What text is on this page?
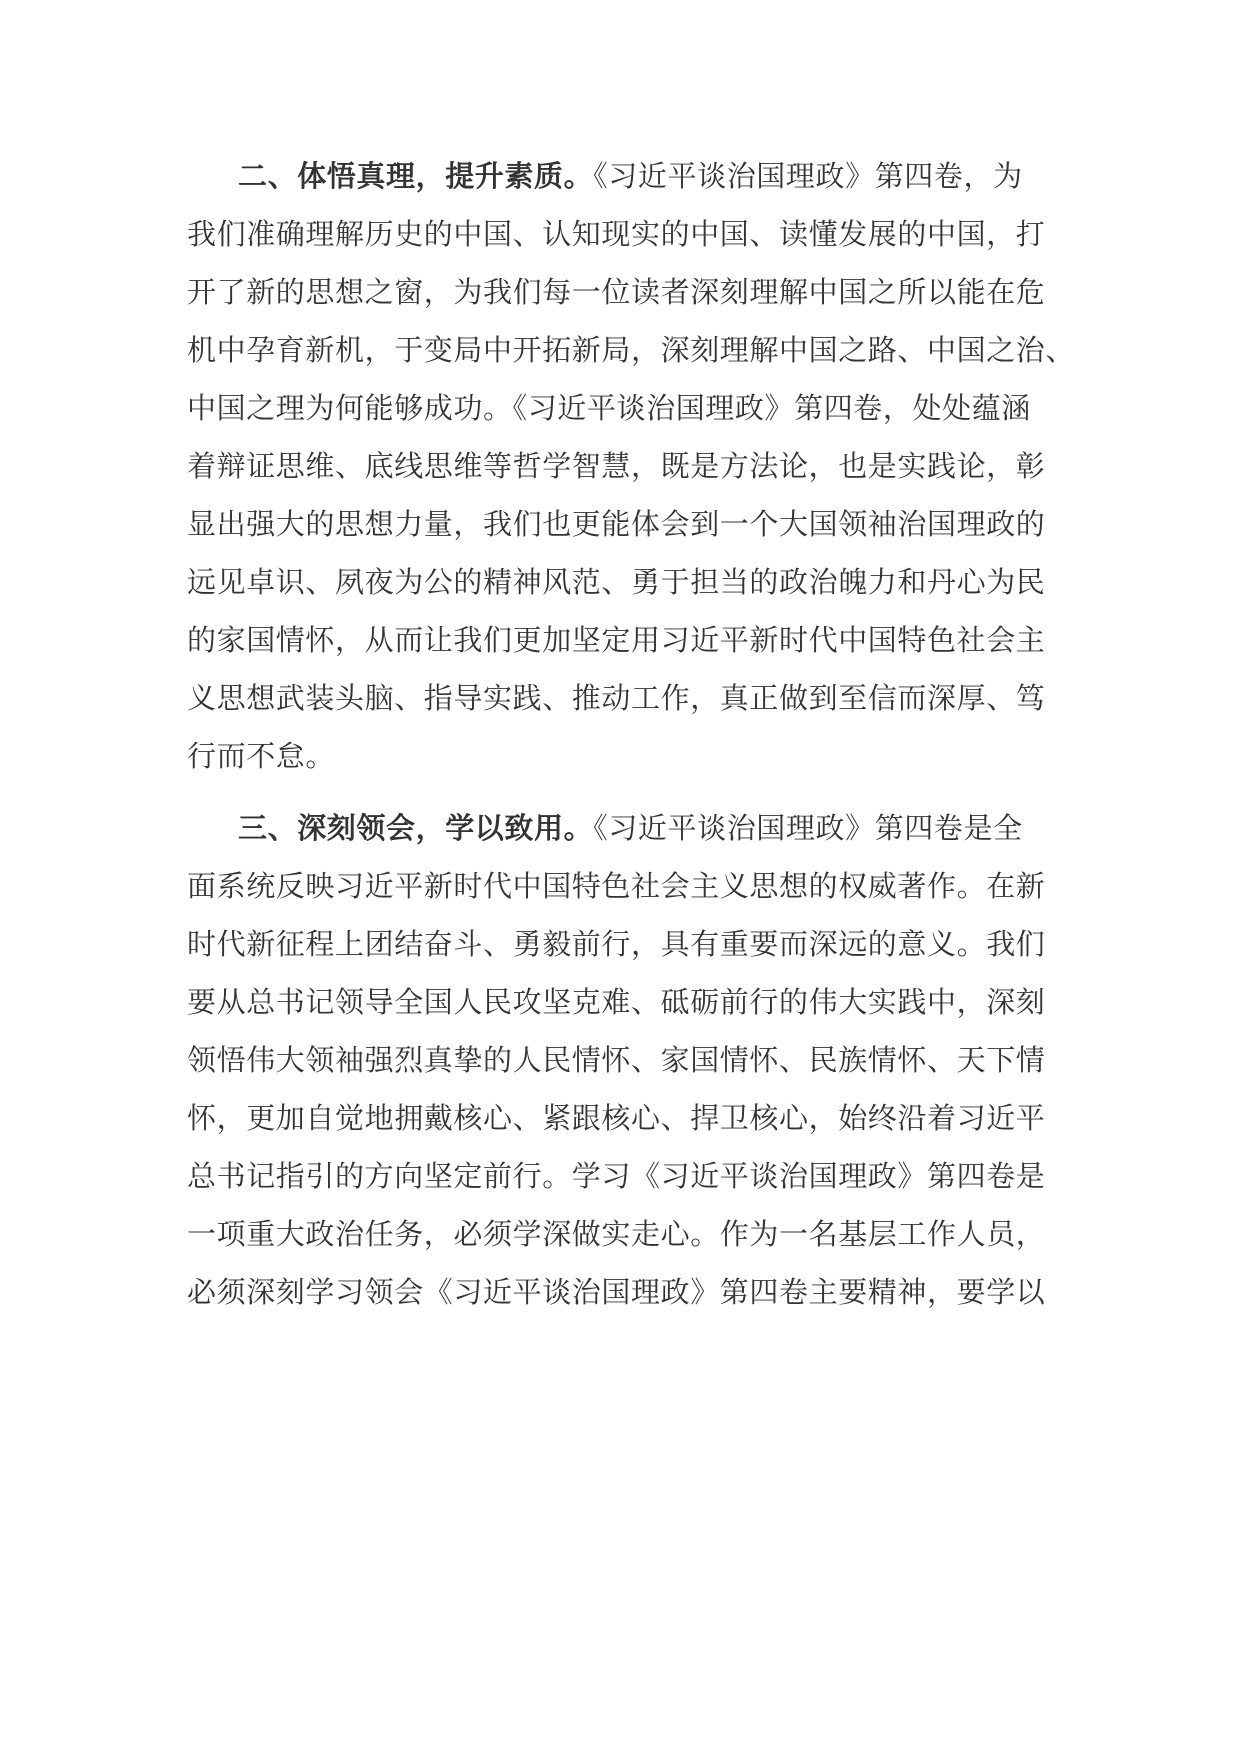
二、体悟真理，提升素质。《习近平谈治国理政》第四卷，为
我们准确理解历史的中国、认知现实的中国、读懂发展的中国，打
开了新的思想之窗，为我们每一位读者深刻理解中国之所以能在危
机中孕育新机，于变局中开拓新局，深刻理解中国之路、中国之治、
中国之理为何能够成功。《习近平谈治国理政》第四卷，处处蕴涵
着辩证思维、底线思维等哲学智慧，既是方法论，也是实践论，彰
显出强大的思想力量，我们也更能体会到一个大国领袖治国理政的
远见卓识、夙夜为公的精神风范、勇于担当的政治魄力和丹心为民
的家国情怀，从而让我们更加坚定用习近平新时代中国特色社会主
义思想武装头脑、指导实践、推动工作，真正做到至信而深厚、笃
行而不怠。
三、深刻领会，学以致用。《习近平谈治国理政》第四卷是全
面系统反映习近平新时代中国特色社会主义思想的权威著作。在新
时代新征程上团结奋斗、勇毅前行，具有重要而深远的意义。我们
要从总书记领导全国人民攻坚克难、砥砺前行的伟大实践中，深刻
领悟伟大领袖强烈真挚的人民情怀、家国情怀、民族情怀、天下情
怀，更加自觉地拥戴核心、紧跟核心、捍卫核心，始终沿着习近平
总书记指引的方向坚定前行。学习《习近平谈治国理政》第四卷是
一项重大政治任务，必须学深做实走心。作为一名基层工作人员，
必须深刻学习领会《习近平谈治国理政》第四卷主要精神，要学以
